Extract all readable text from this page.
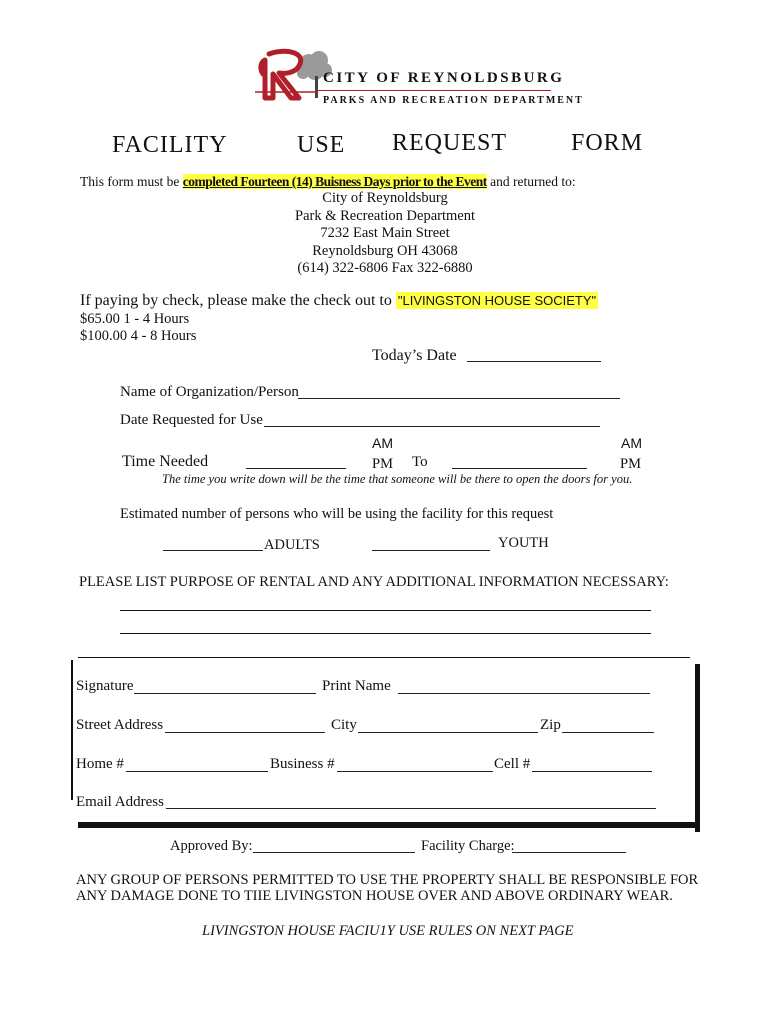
CITY OF REYNOLDSBURG
PARKS AND RECREATION DEPARTMENT
FACILITY	USE REQUEST	FORM
This form must be completed Fourteen (14) Buisness Days prior to the Event and returned to:
City of Reynoldsburg
Park & Recreation Department
7232 East Main Street
Reynoldsburg OH 43068
(614) 322-6806 Fax 322-6880
If paying by check, please make the check out to "LIVINGSTON HOUSE SOCIETY"
$65.00 1 - 4 Hours
$100.00 4 - 8 Hours
Today’s Date
Name of Organization/Person
Date Requested for Use
Time Needed
AM
PM To
AM
PM
The time you write down will be the time that someone will be there to open the doors for you.
Estimated number of persons who will be using the facility for this request
ADULTS	YOUTH
PLEASE LIST PURPOSE OF RENTAL AND ANY ADDITIONAL INFORMATION NECESSARY:
Signature	Print Name
Street Address	City	Zip
Home #	Business #	Cell #
Email Address
Approved By:	Facility Charge:
ANY GROUP OF PERSONS PERMITTED TO USE THE PROPERTY SHALL BE RESPONSIBLE FOR
ANY DAMAGE DONE TO TIIE LIVINGSTON HOUSE OVER AND ABOVE ORDINARY WEAR.
LIVINGSTON HOUSE FACIU1Y USE RULES ON NEXT PAGE
